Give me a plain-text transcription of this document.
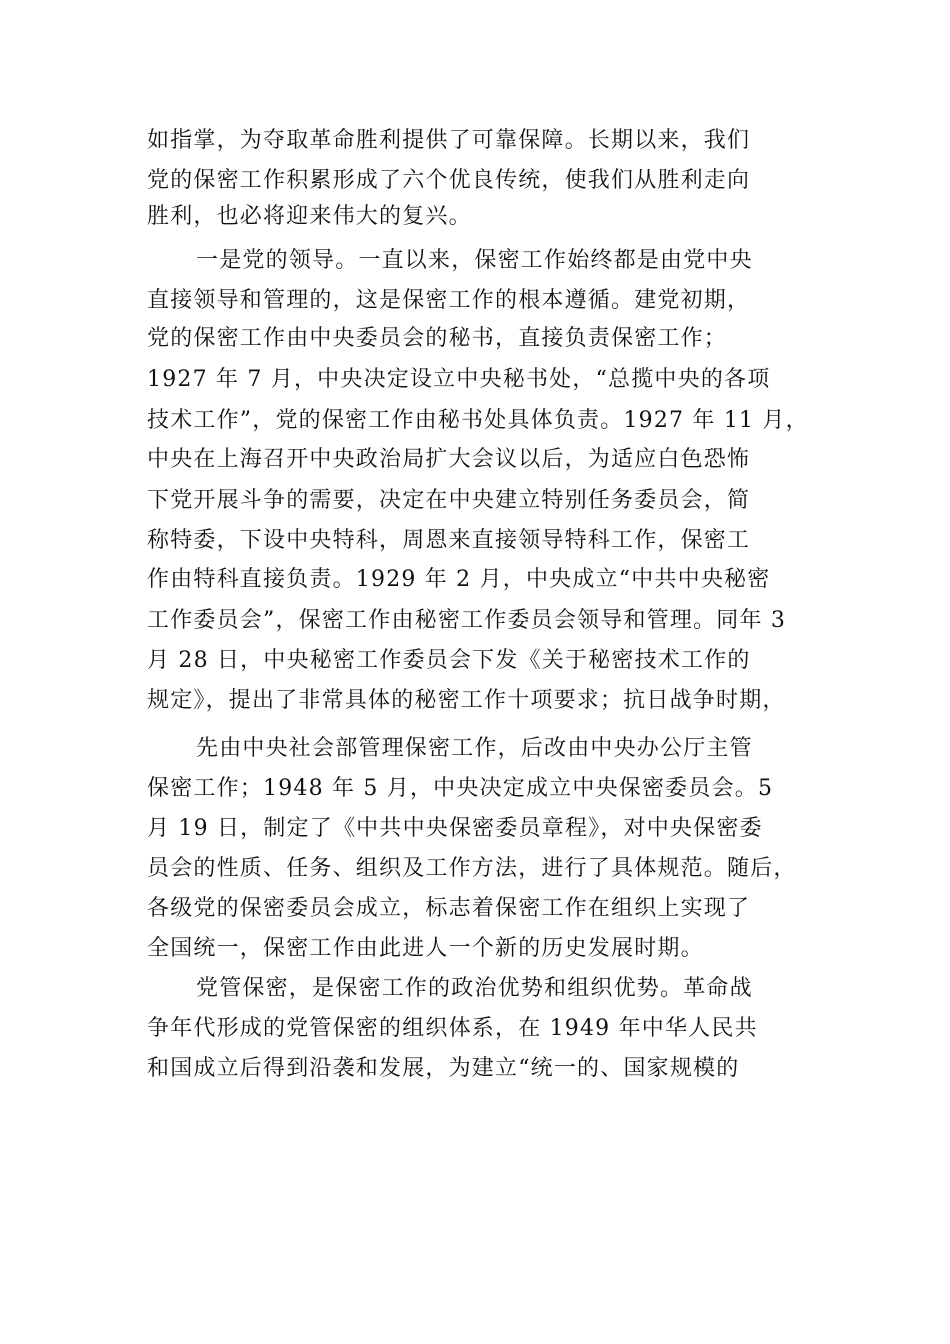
如指掌，为夺取革命胜利提供了可靠保障。长期以来，我们
党的保密工作积累形成了六个优良传统，使我们从胜利走向
胜利，也必将迎来伟大的复兴。
一是党的领导。一直以来，保密工作始终都是由党中央
直接领导和管理的，这是保密工作的根本遵循。建党初期，
党的保密工作由中央委员会的秘书，直接负责保密工作；
1927 年 7 月，中央决定设立中央秘书处，“总揽中央的各项
技术工作”，党的保密工作由秘书处具体负责。1927 年 11 月，
中央在上海召开中央政治局扩大会议以后，为适应白色恐怖
下党开展斗争的需要，决定在中央建立特别任务委员会，简
称特委，下设中央特科，周恩来直接领导特科工作，保密工
作由特科直接负责。1929 年 2 月，中央成立“中共中央秘密
工作委员会”，保密工作由秘密工作委员会领导和管理。同年 3
月 28 日，中央秘密工作委员会下发《关于秘密技术工作的
规定》，提出了非常具体的秘密工作十项要求；抗日战争时期，
先由中央社会部管理保密工作，后改由中央办公厅主管
保密工作；1948 年 5 月，中央决定成立中央保密委员会。5
月 19 日，制定了《中共中央保密委员章程》，对中央保密委
员会的性质、任务、组织及工作方法，进行了具体规范。随后，
各级党的保密委员会成立，标志着保密工作在组织上实现了
全国统一，保密工作由此进人一个新的历史发展时期。
党管保密，是保密工作的政治优势和组织优势。革命战
争年代形成的党管保密的组织体系，在 1949 年中华人民共
和国成立后得到沿袭和发展，为建立“统一的、国家规模的
